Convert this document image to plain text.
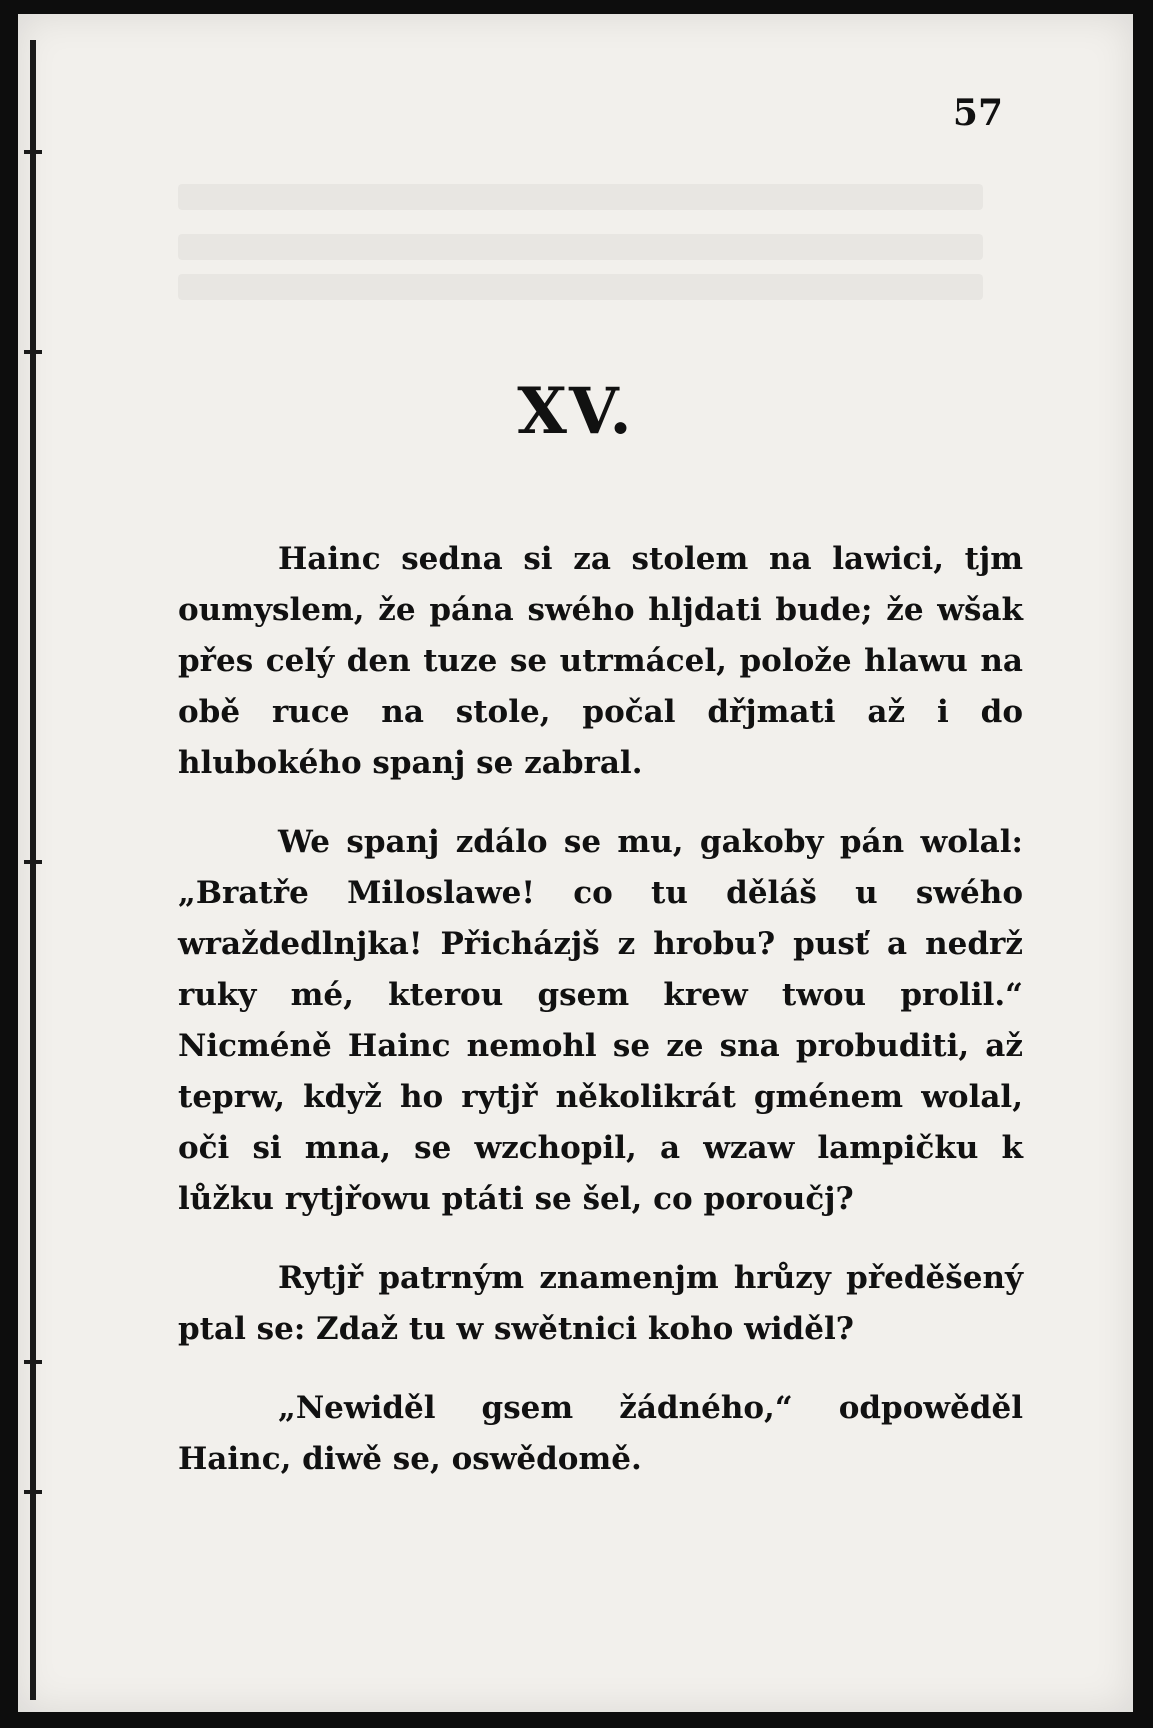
57
XV.

Hainc sedna si za stolem na lawici, tjm oumyslem, že pána swého hljdati bude; že wšak přes celý den tuze se utrmácel, polože hlawu na obě ruce na stole, počal dřjmati až i do hlubokého spanj se zabral.

We spanj zdálo se mu, gakoby pán wolal: „Bratře Miloslawe! co tu děláš u swého wraždedlnjka! Přicházjš z hrobu? pusť a nedrž ruky mé, kterou gsem krew twou prolil.“ Nicméně Hainc nemohl se ze sna probuditi, až teprw, když ho rytjř několikrát gménem wolal, oči si mna, se wzchopil, a wzaw lampičku k lůžku rytjřowu ptáti se šel, co poroučj?

Rytjř patrným znamenjm hrůzy předěšený ptal se: Zdaž tu w swětnici koho widěl?

„Newiděl gsem žádného,“ odpowěděl Hainc, diwě se, oswědomě.
